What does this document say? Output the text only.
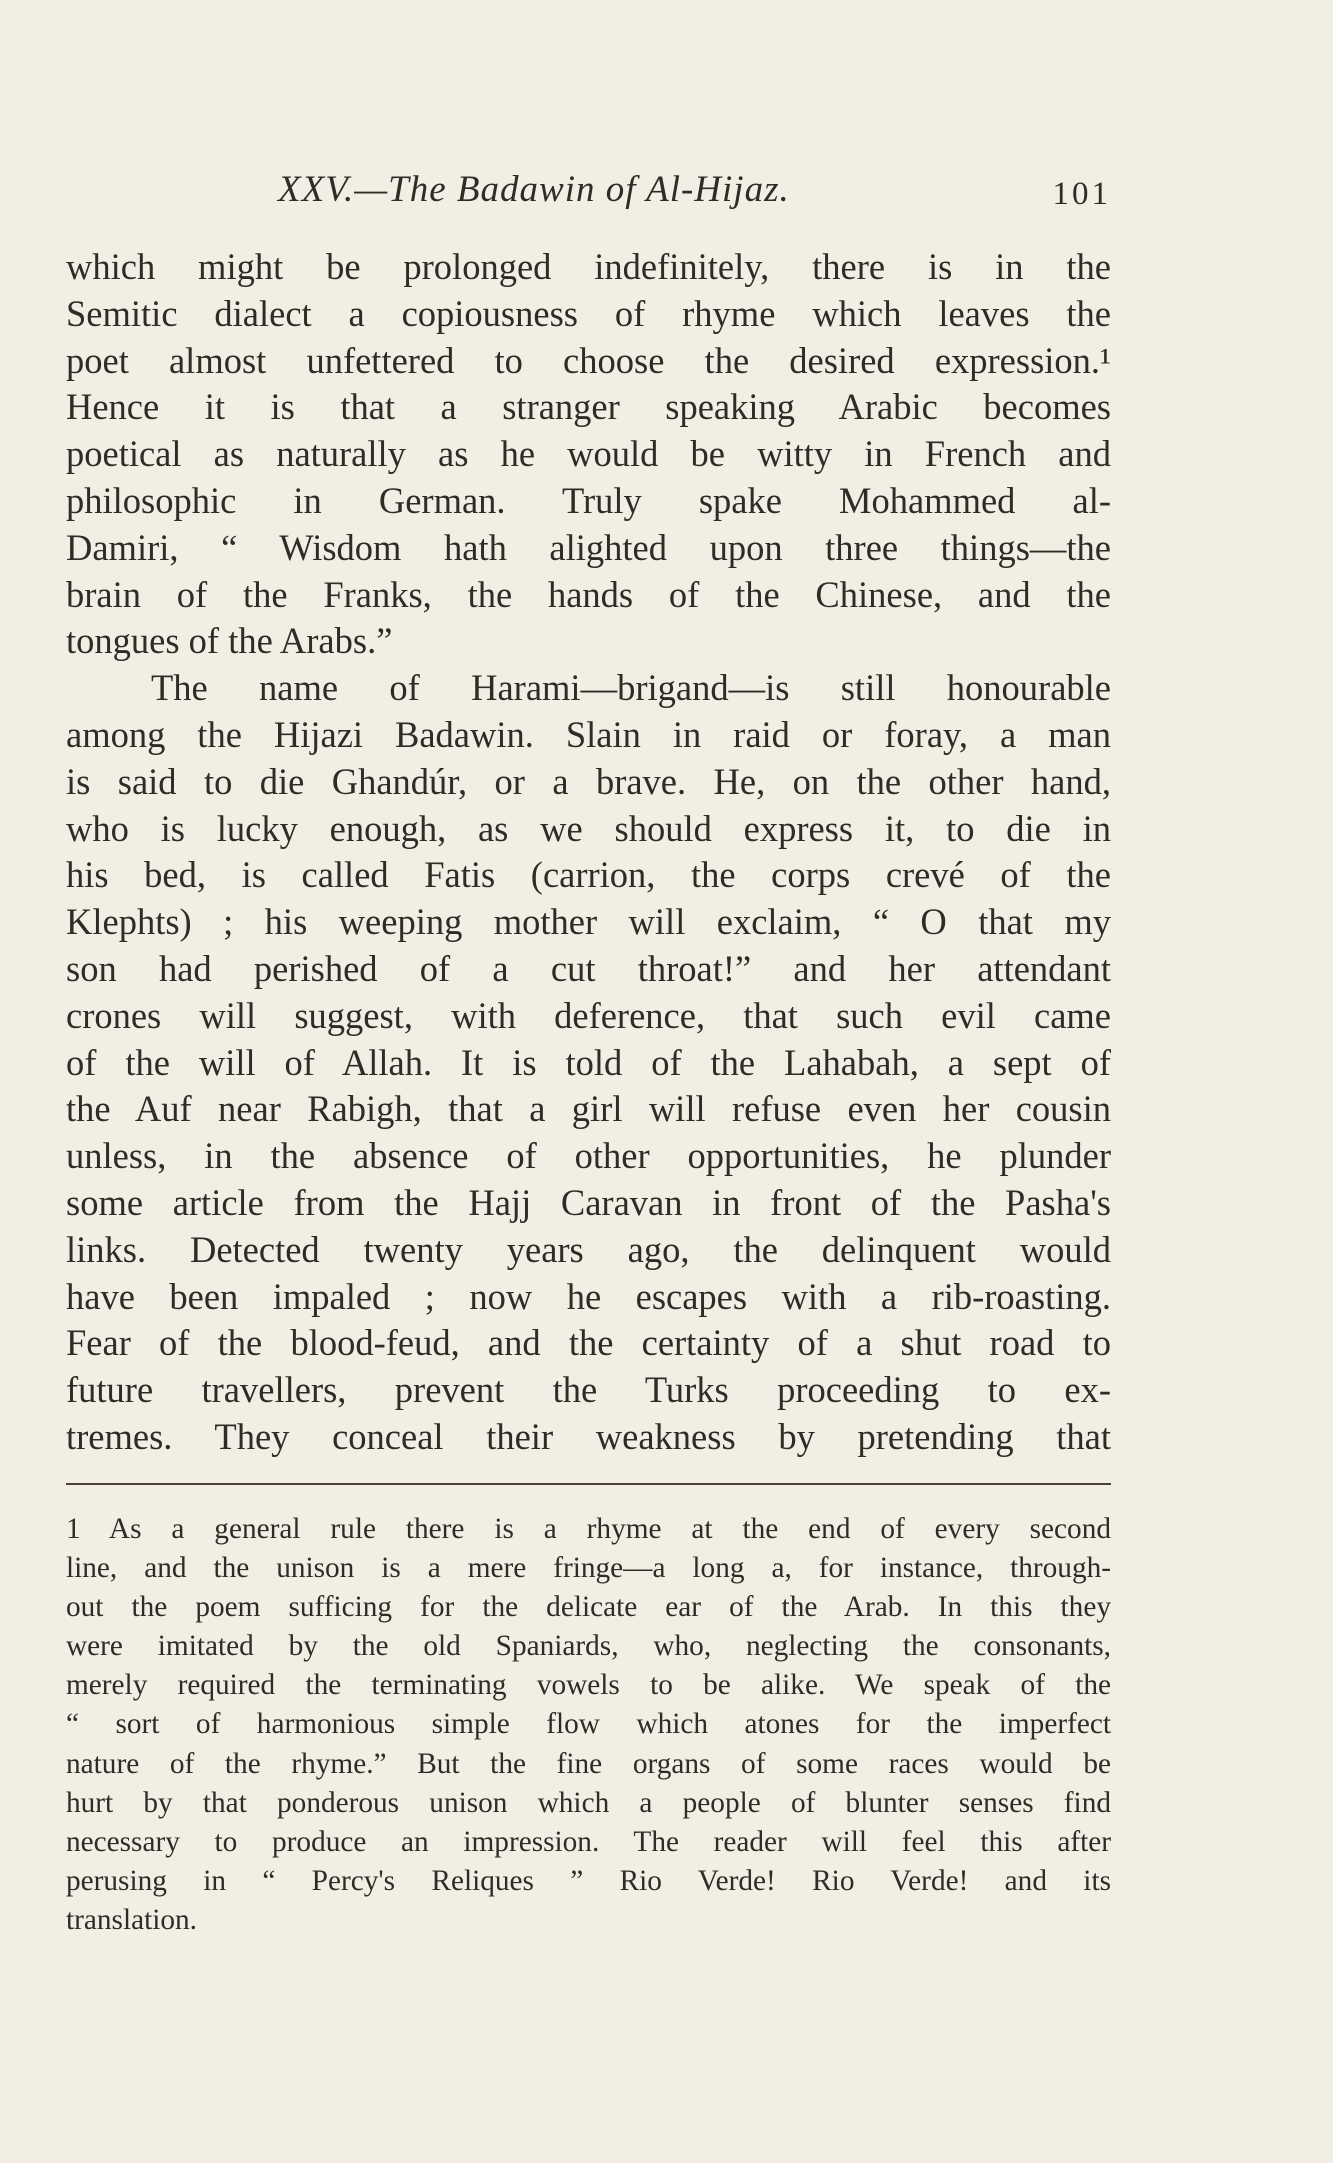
XXV.—The Badawin of Al-Hijaz.	101
which might be prolonged indefinitely, there is in the
Semitic dialect a copiousness of rhyme which leaves the
poet almost unfettered to choose the desired expression.¹
Hence it is that a stranger speaking Arabic becomes
poetical as naturally as he would be witty in French and
philosophic in German. Truly spake Mohammed al-
Damiri, “ Wisdom hath alighted upon three things—the
brain of the Franks, the hands of the Chinese, and the
tongues of the Arabs.”
The name of Harami—brigand—is still honourable
among the Hijazi Badawin. Slain in raid or foray, a man
is said to die Ghandúr, or a brave. He, on the other hand,
who is lucky enough, as we should express it, to die in
his bed, is called Fatis (carrion, the corps crevé of the
Klephts) ; his weeping mother will exclaim, “ O that my
son had perished of a cut throat!” and her attendant
crones will suggest, with deference, that such evil came
of the will of Allah. It is told of the Lahabah, a sept of
the Auf near Rabigh, that a girl will refuse even her cousin
unless, in the absence of other opportunities, he plunder
some article from the Hajj Caravan in front of the Pasha's
links. Detected twenty years ago, the delinquent would
have been impaled ; now he escapes with a rib-roasting.
Fear of the blood-feud, and the certainty of a shut road to
future travellers, prevent the Turks proceeding to ex-
tremes. They conceal their weakness by pretending that
1 As a general rule there is a rhyme at the end of every second
line, and the unison is a mere fringe—a long a, for instance, through-
out the poem sufficing for the delicate ear of the Arab. In this they
were imitated by the old Spaniards, who, neglecting the consonants,
merely required the terminating vowels to be alike. We speak of the
“ sort of harmonious simple flow which atones for the imperfect
nature of the rhyme.” But the fine organs of some races would be
hurt by that ponderous unison which a people of blunter senses find
necessary to produce an impression. The reader will feel this after
perusing in “ Percy's Reliques ” Rio Verde! Rio Verde! and its
translation.
